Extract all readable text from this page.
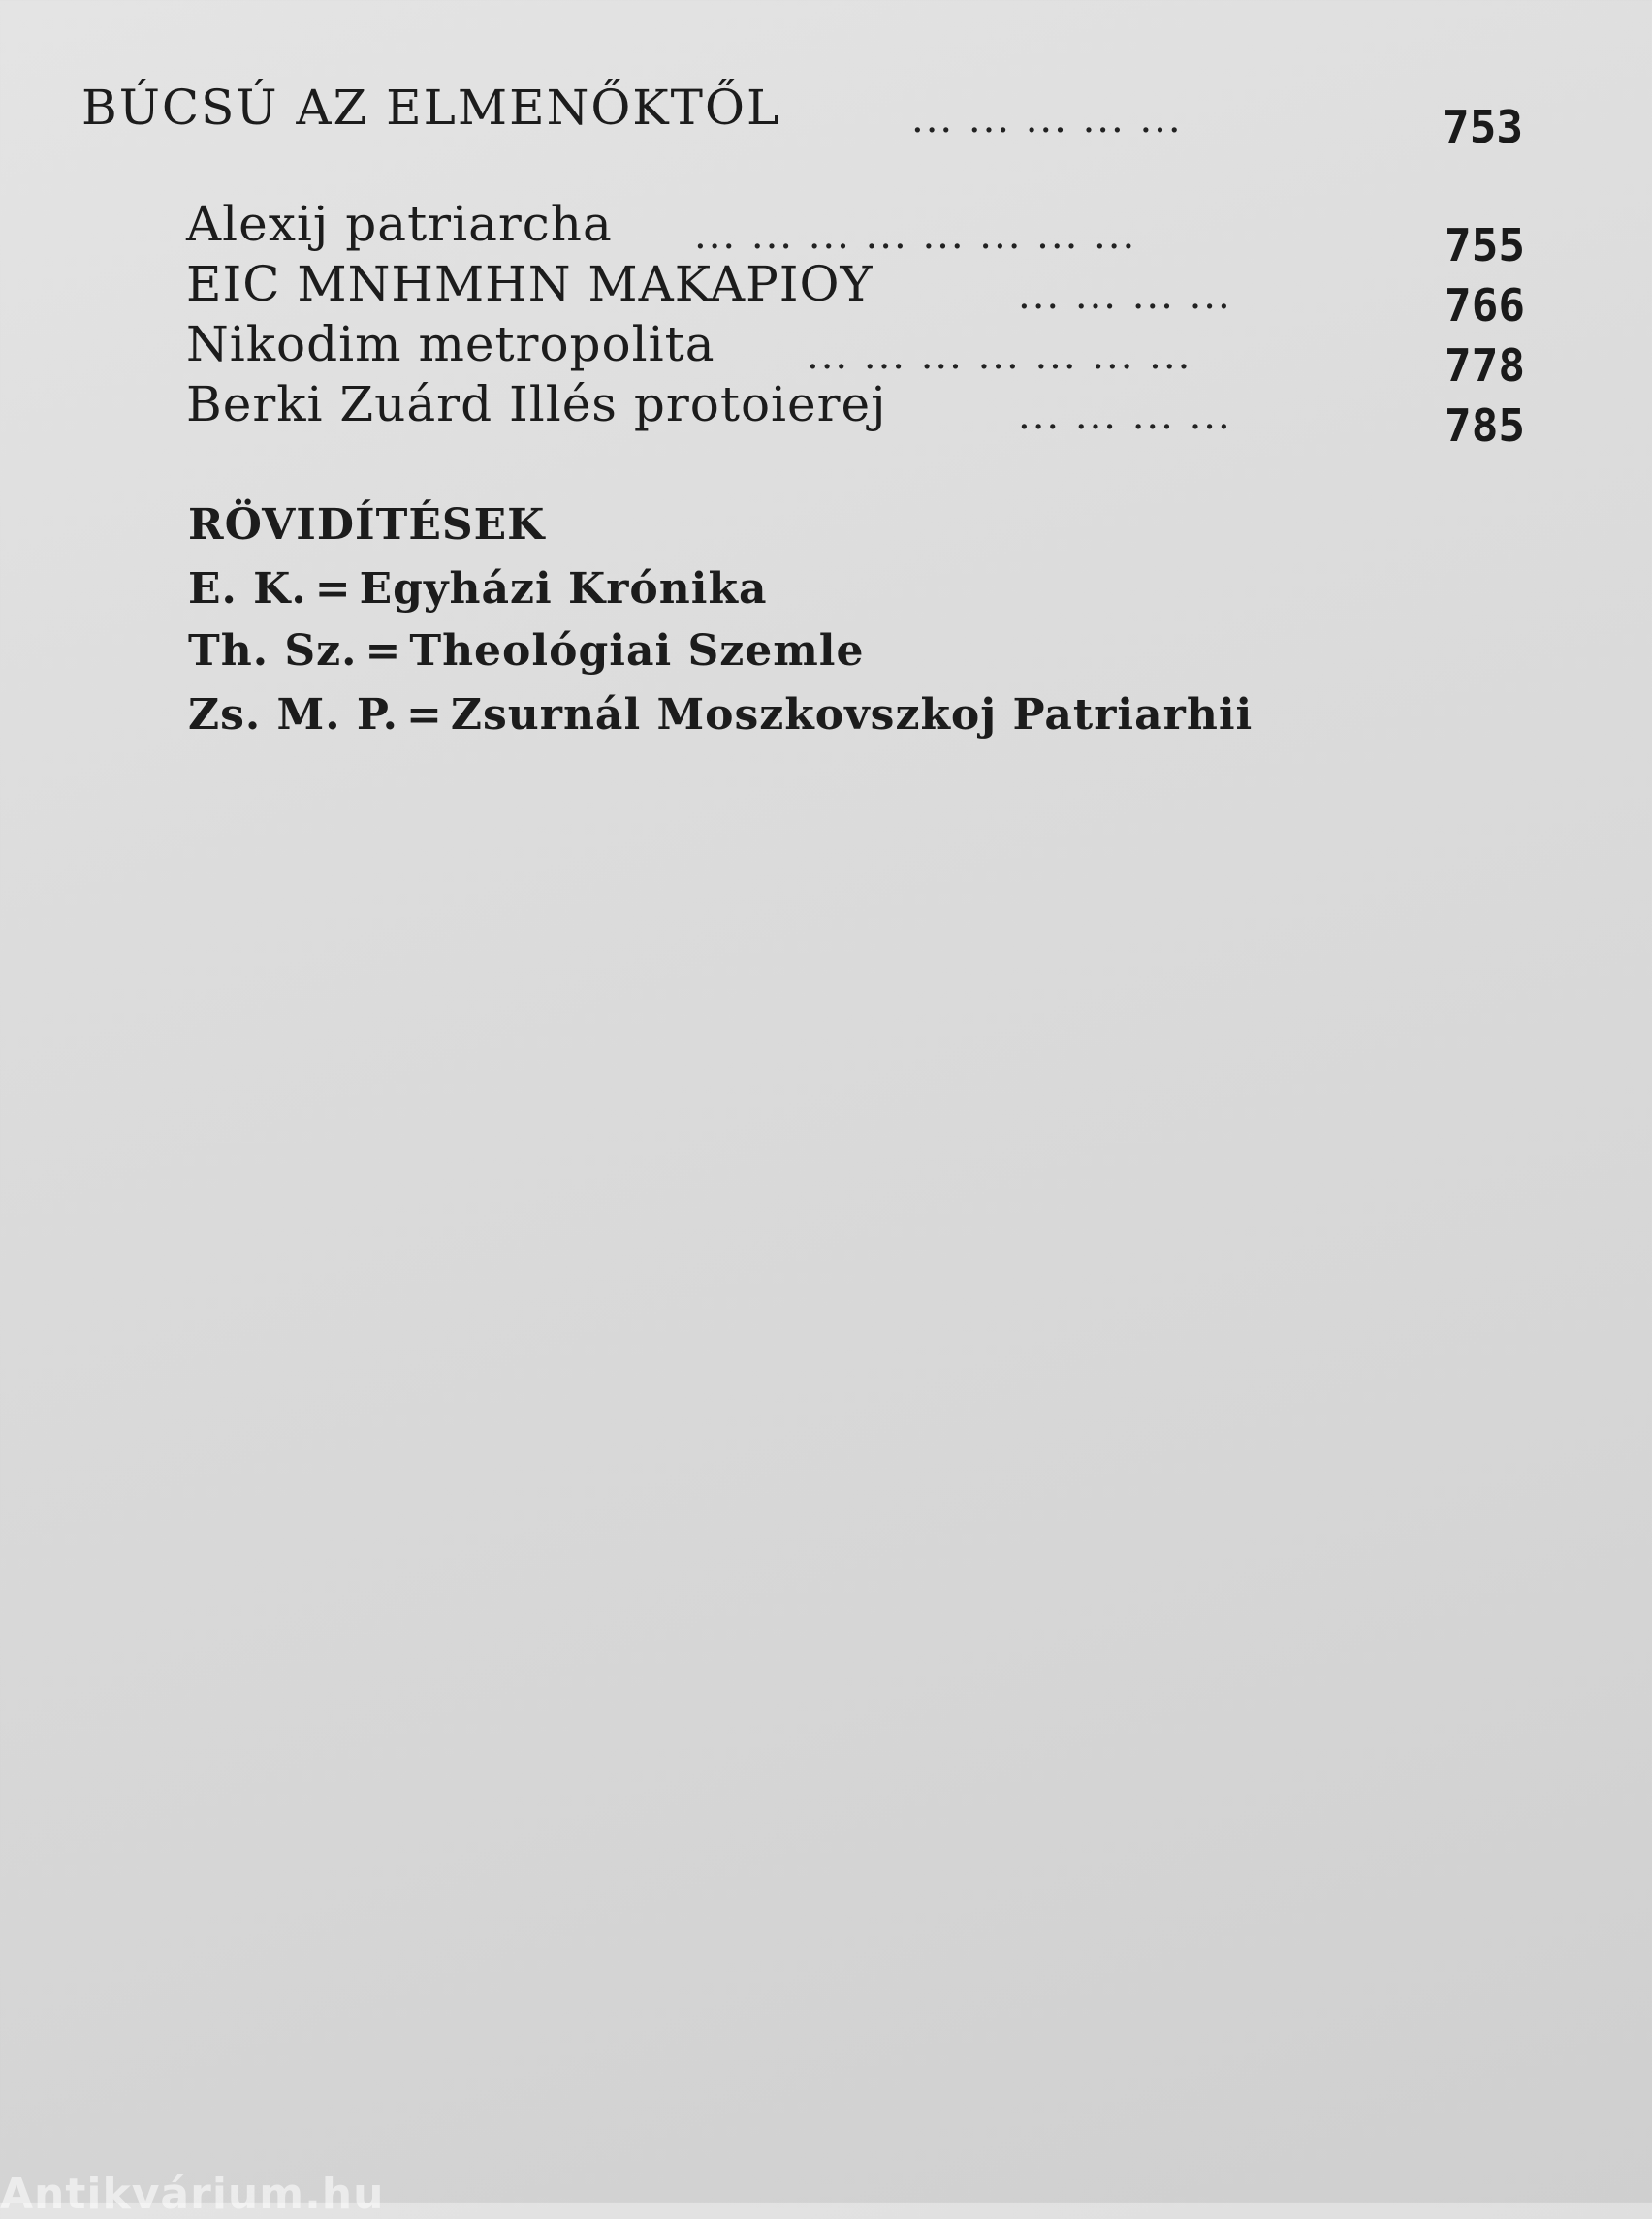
BÚCSÚ AZ ELMENŐKTŐL	... ... ... ... ...	753
Alexij patriarcha ... ... ... ... ... ... ... ...	755
EIC MNHMHN MAKAPIOY	... ... ... ...	766
Nikodim metropolita ... ... ... ... ... ... ...	778
Berki Zuárd Illés protoierej	... ... ... ...	785
RÖVIDÍTÉSEK
E. K. = Egyházi Krónika
Th. Sz. = Theológiai Szemle
Zs. M. P. = Zsurnál Moszkovszkoj Patriarhii
Antikvárium.hu
